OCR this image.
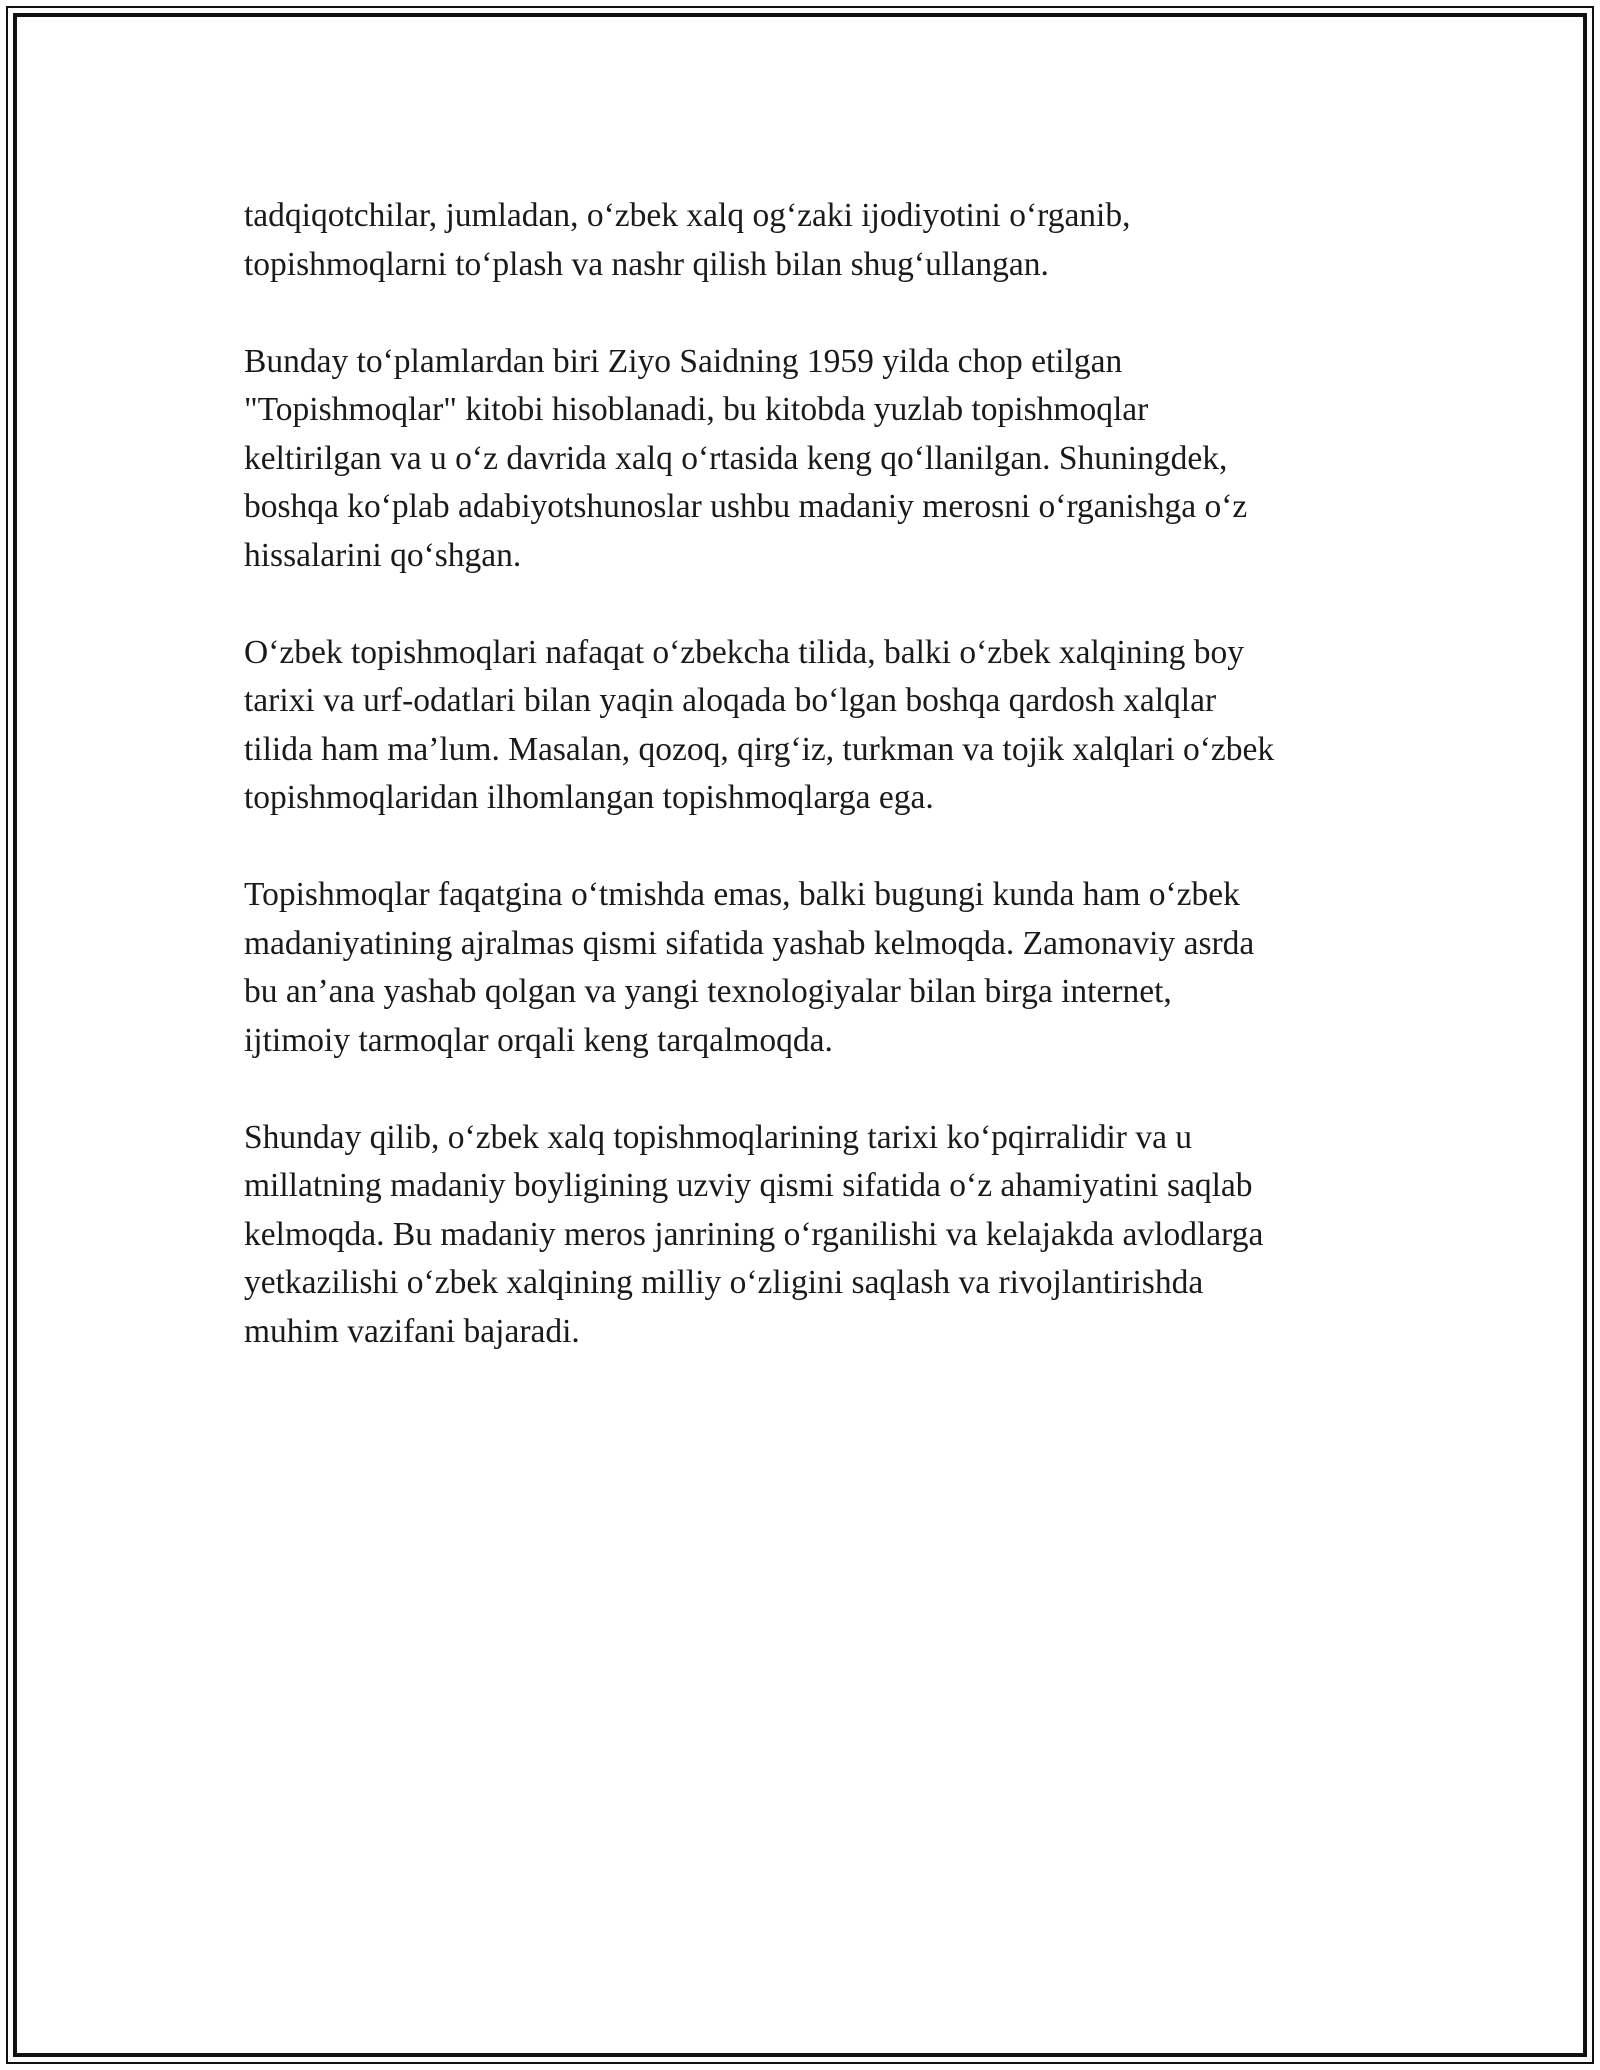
tadqiqotchilar, jumladan, o‘zbek xalq og‘zaki ijodiyotini o‘rganib,
topishmoqlarni to‘plash va nashr qilish bilan shug‘ullangan.

Bunday to‘plamlardan biri Ziyo Saidning 1959 yilda chop etilgan
"Topishmoqlar" kitobi hisoblanadi, bu kitobda yuzlab topishmoqlar
keltirilgan va u o‘z davrida xalq o‘rtasida keng qo‘llanilgan. Shuningdek,
boshqa ko‘plab adabiyotshunoslar ushbu madaniy merosni o‘rganishga o‘z
hissalarini qo‘shgan.

O‘zbek topishmoqlari nafaqat o‘zbekcha tilida, balki o‘zbek xalqining boy
tarixi va urf-odatlari bilan yaqin aloqada bo‘lgan boshqa qardosh xalqlar
tilida ham ma’lum. Masalan, qozoq, qirg‘iz, turkman va tojik xalqlari o‘zbek
topishmoqlaridan ilhomlangan topishmoqlarga ega.

Topishmoqlar faqatgina o‘tmishda emas, balki bugungi kunda ham o‘zbek
madaniyatining ajralmas qismi sifatida yashab kelmoqda. Zamonaviy asrda
bu an’ana yashab qolgan va yangi texnologiyalar bilan birga internet,
ijtimoiy tarmoqlar orqali keng tarqalmoqda.

Shunday qilib, o‘zbek xalq topishmoqlarining tarixi ko‘pqirralidir va u
millatning madaniy boyligining uzviy qismi sifatida o‘z ahamiyatini saqlab
kelmoqda. Bu madaniy meros janrining o‘rganilishi va kelajakda avlodlarga
yetkazilishi o‘zbek xalqining milliy o‘zligini saqlash va rivojlantirishda
muhim vazifani bajaradi.
